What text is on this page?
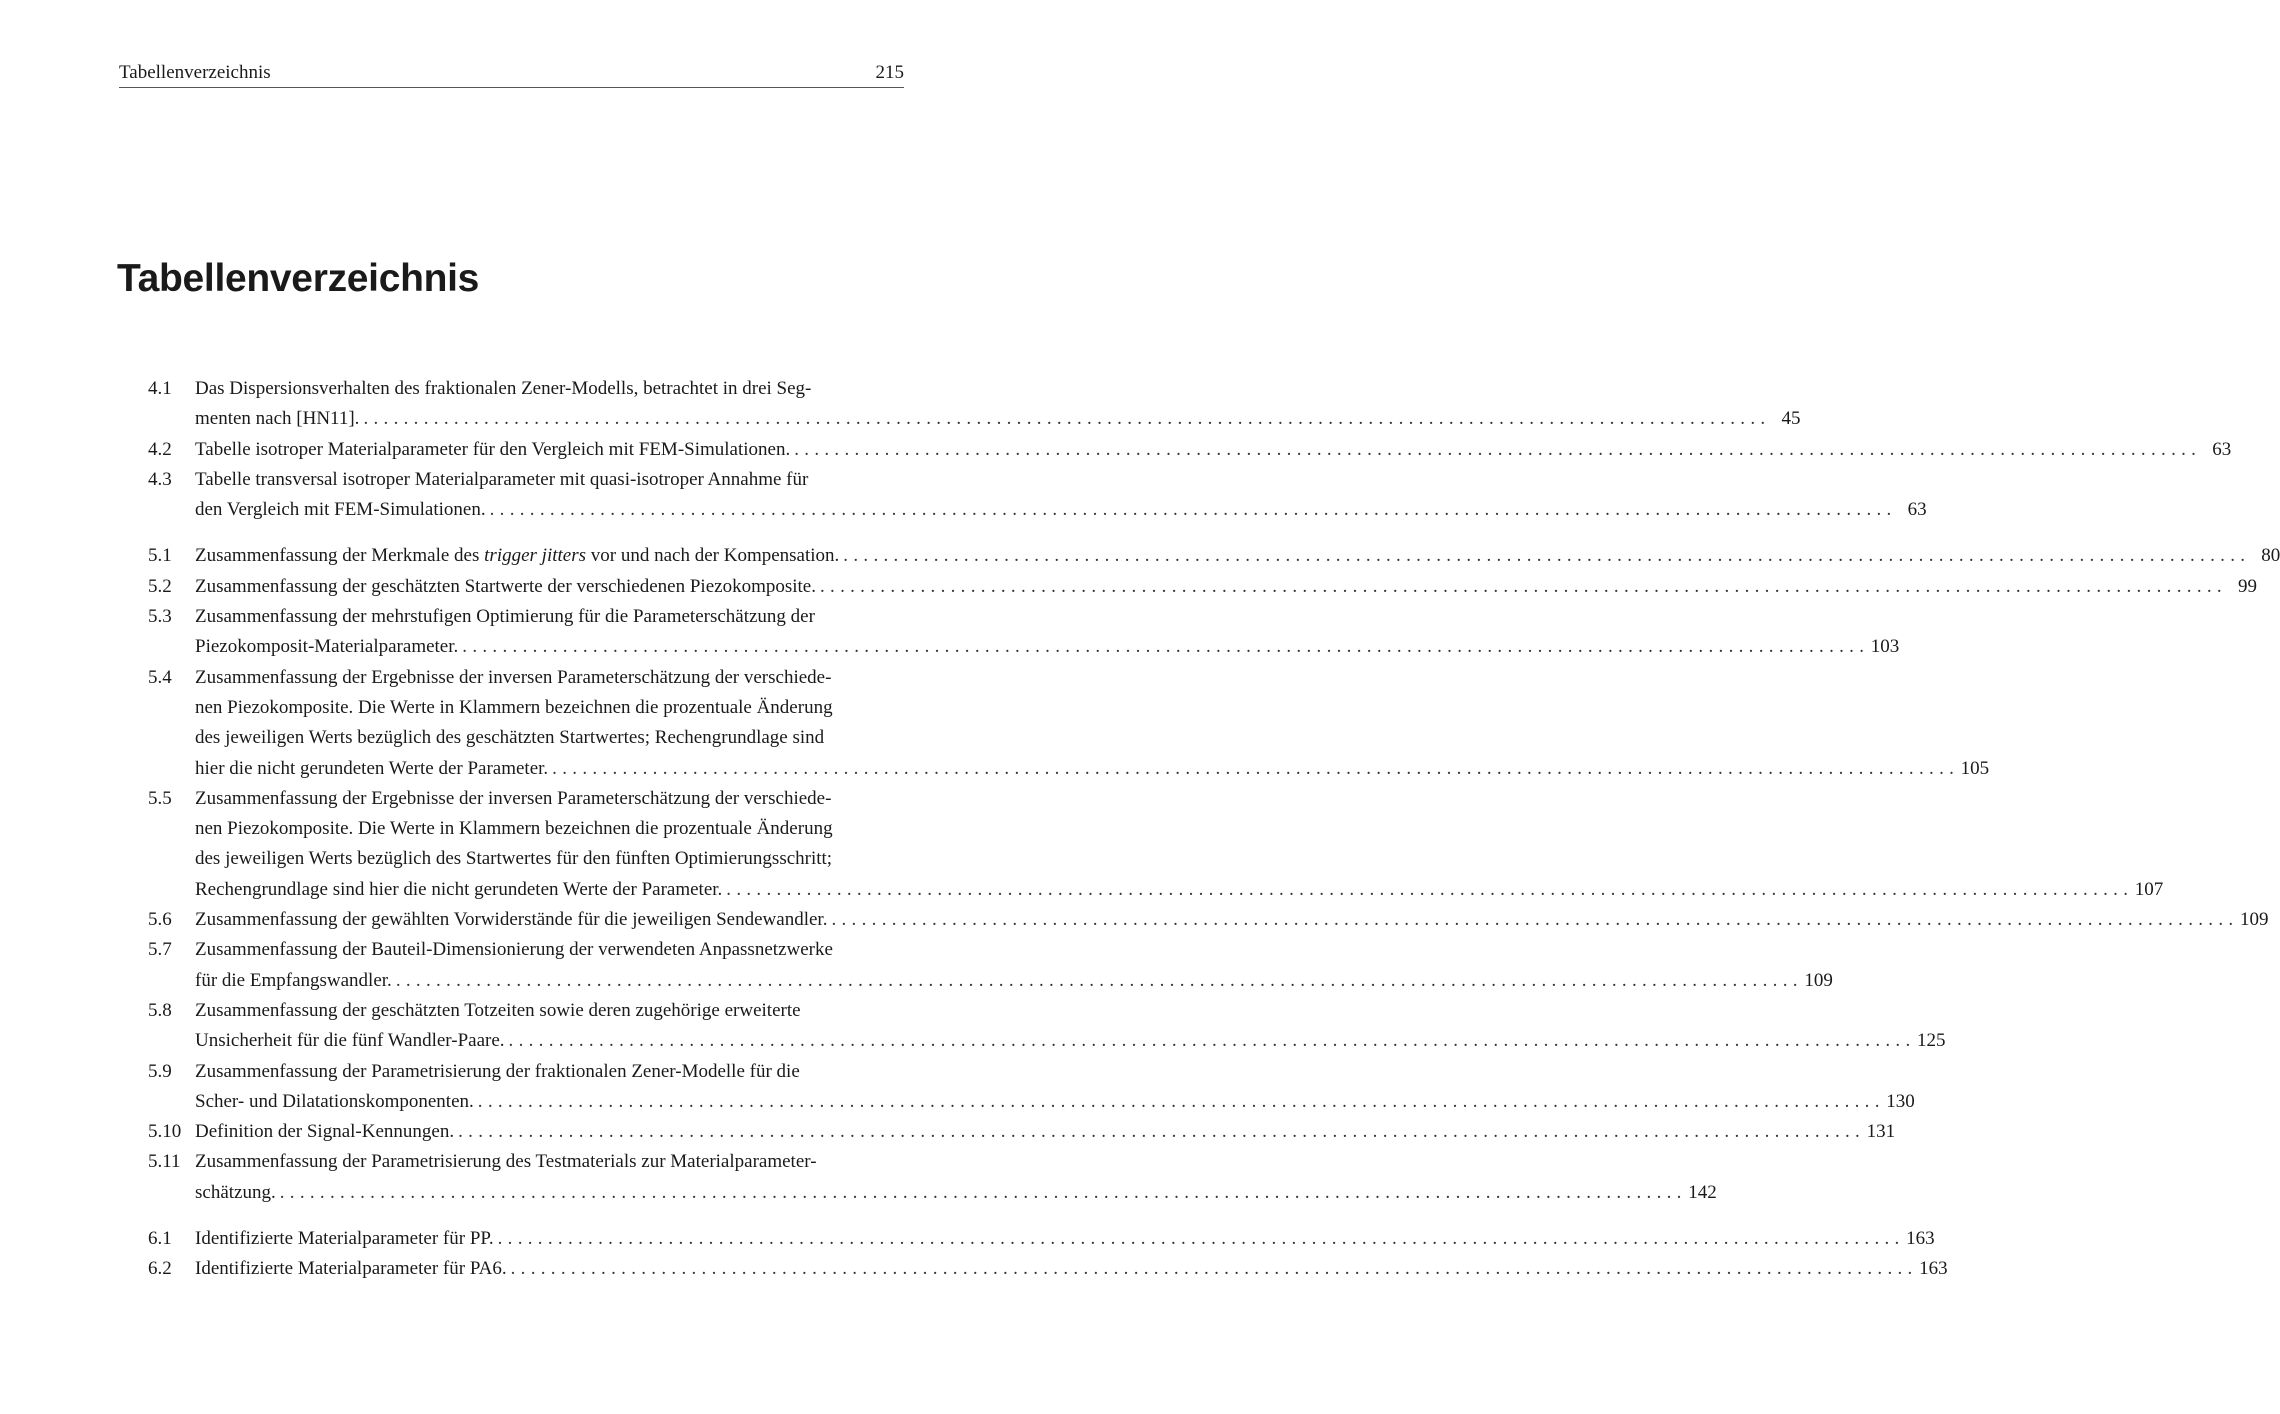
Tabellenverzeichnis	215
Tabellenverzeichnis
4.1	Das Dispersionsverhalten des fraktionalen Zener-Modells, betrachtet in drei Seg-
menten nach [HN11]. ............................................................................................................................................ 45
4.2	Tabelle isotroper Materialparameter für den Vergleich mit FEM-Simulationen. ............................................................................................................................................ 63
4.3	Tabelle transversal isotroper Materialparameter mit quasi-isotroper Annahme für
den Vergleich mit FEM-Simulationen. ............................................................................................................................................ 63
5.1	Zusammenfassung der Merkmale des trigger jitters vor und nach der Kompensation. ............................................................................................................................................ 80
5.2	Zusammenfassung der geschätzten Startwerte der verschiedenen Piezokomposite. ............................................................................................................................................ 99
5.3	Zusammenfassung der mehrstufigen Optimierung für die Parameterschätzung der
Piezokomposit-Materialparameter. ............................................................................................................................................ 103
5.4	Zusammenfassung der Ergebnisse der inversen Parameterschätzung der verschiede-
nen Piezokomposite. Die Werte in Klammern bezeichnen die prozentuale Änderung
des jeweiligen Werts bezüglich des geschätzten Startwertes; Rechengrundlage sind
hier die nicht gerundeten Werte der Parameter. ............................................................................................................................................ 105
5.5	Zusammenfassung der Ergebnisse der inversen Parameterschätzung der verschiede-
nen Piezokomposite. Die Werte in Klammern bezeichnen die prozentuale Änderung
des jeweiligen Werts bezüglich des Startwertes für den fünften Optimierungsschritt;
Rechengrundlage sind hier die nicht gerundeten Werte der Parameter. ............................................................................................................................................ 107
5.6	Zusammenfassung der gewählten Vorwiderstände für die jeweiligen Sendewandler. ............................................................................................................................................ 109
5.7	Zusammenfassung der Bauteil-Dimensionierung der verwendeten Anpassnetzwerke
für die Empfangswandler. ............................................................................................................................................ 109
5.8	Zusammenfassung der geschätzten Totzeiten sowie deren zugehörige erweiterte
Unsicherheit für die fünf Wandler-Paare. ............................................................................................................................................ 125
5.9	Zusammenfassung der Parametrisierung der fraktionalen Zener-Modelle für die
Scher- und Dilatationskomponenten. ............................................................................................................................................ 130
5.10 Definition der Signal-Kennungen. ............................................................................................................................................ 131
5.11 Zusammenfassung der Parametrisierung des Testmaterials zur Materialparameter-
schätzung. ............................................................................................................................................ 142
6.1	Identifizierte Materialparameter für PP. ............................................................................................................................................ 163
6.2	Identifizierte Materialparameter für PA6. ............................................................................................................................................ 163
